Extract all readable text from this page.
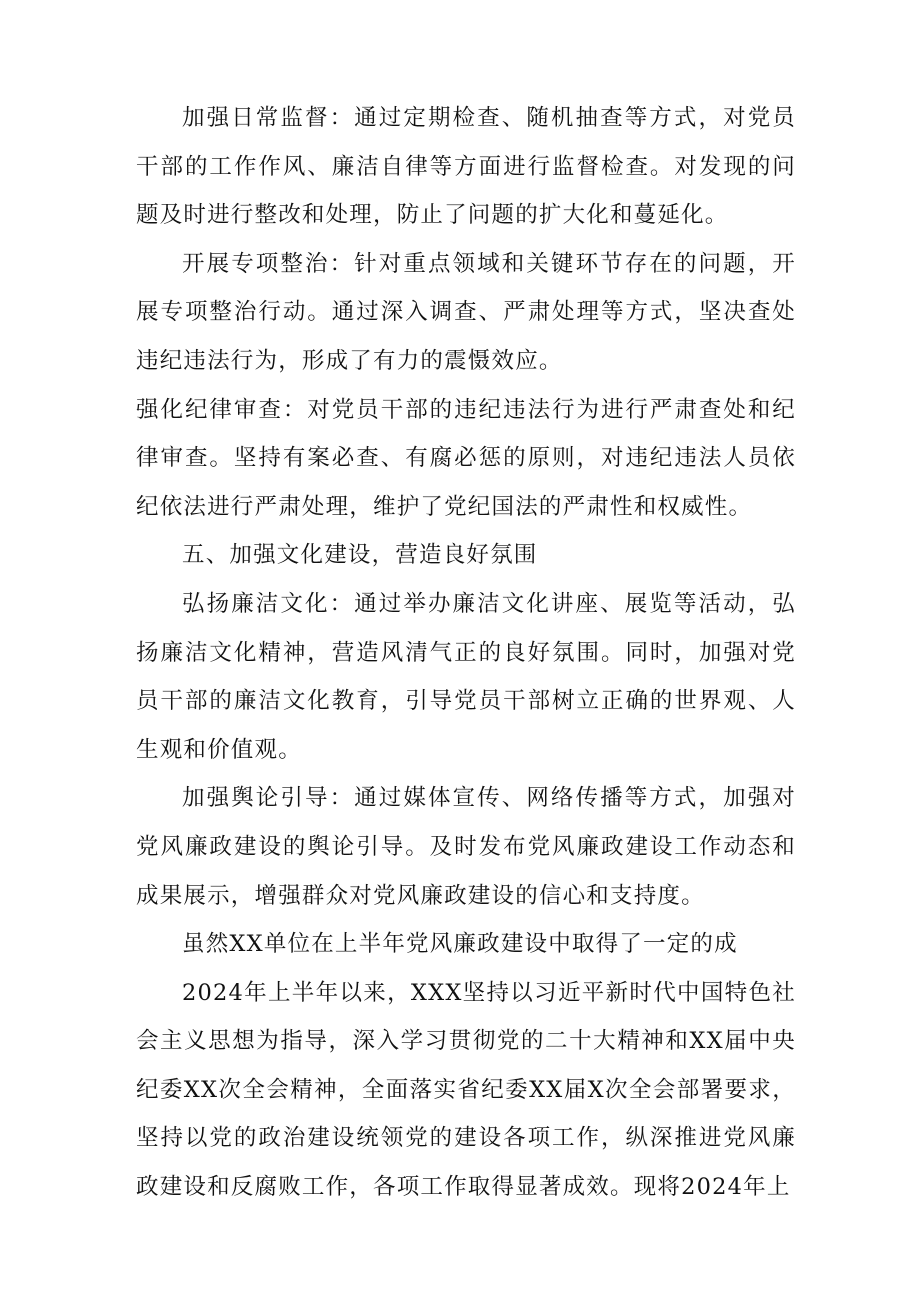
加强日常监督：通过定期检查、随机抽查等方式，对党员干部的工作作风、廉洁自律等方面进行监督检查。对发现的问题及时进行整改和处理，防止了问题的扩大化和蔓延化。

开展专项整治：针对重点领域和关键环节存在的问题，开展专项整治行动。通过深入调查、严肃处理等方式，坚决查处违纪违法行为，形成了有力的震慑效应。

强化纪律审查：对党员干部的违纪违法行为进行严肃查处和纪律审查。坚持有案必查、有腐必惩的原则，对违纪违法人员依纪依法进行严肃处理，维护了党纪国法的严肃性和权威性。

五、加强文化建设，营造良好氛围

弘扬廉洁文化：通过举办廉洁文化讲座、展览等活动，弘扬廉洁文化精神，营造风清气正的良好氛围。同时，加强对党员干部的廉洁文化教育，引导党员干部树立正确的世界观、人生观和价值观。

加强舆论引导：通过媒体宣传、网络传播等方式，加强对党风廉政建设的舆论引导。及时发布党风廉政建设工作动态和成果展示，增强群众对党风廉政建设的信心和支持度。

虽然XX单位在上半年党风廉政建设中取得了一定的成

2024年上半年以来，XXX坚持以习近平新时代中国特色社会主义思想为指导，深入学习贯彻党的二十大精神和XX届中央纪委XX次全会精神，全面落实省纪委XX届X次全会部署要求，坚持以党的政治建设统领党的建设各项工作，纵深推进党风廉政建设和反腐败工作，各项工作取得显著成效。现将2024年上
